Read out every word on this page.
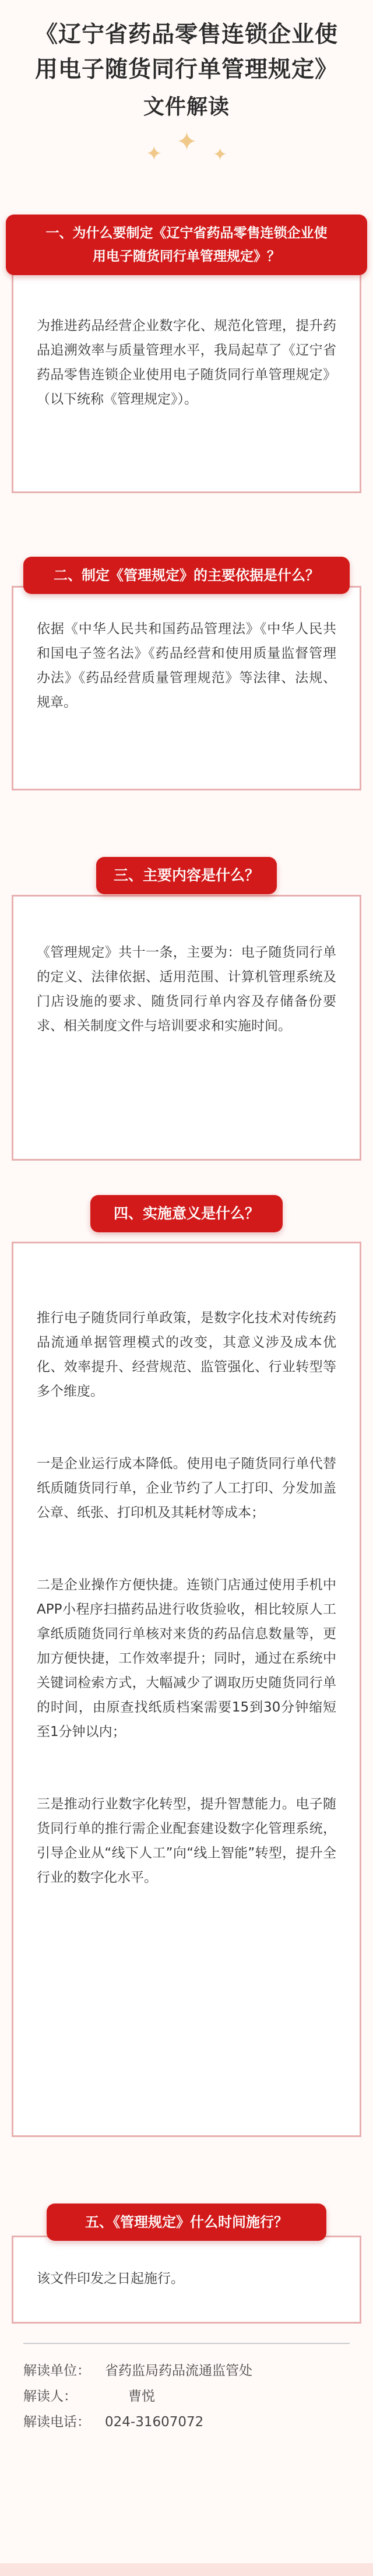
《辽宁省药品零售连锁企业使
用电子随货同行单管理规定》
文件解读
✦ ✦ ✦
为推进药品经营企业数字化、规范化管理，提升药品追溯效率与质量管理水平，我局起草了《辽宁省药品零售连锁企业使用电子随货同行单管理规定》（以下统称《管理规定》）。
一、为什么要制定《辽宁省药品零售连锁企业使
用电子随货同行单管理规定》？
依据《中华人民共和国药品管理法》《中华人民共和国电子签名法》《药品经营和使用质量监督管理办法》《药品经营质量管理规范》等法律、法规、规章。
二、制定《管理规定》的主要依据是什么？
《管理规定》共十一条，主要为：电子随货同行单的定义、法律依据、适用范围、计算机管理系统及门店设施的要求、随货同行单内容及存储备份要求、相关制度文件与培训要求和实施时间。
三、主要内容是什么？

推行电子随货同行单政策，是数字化技术对传统药品流通单据管理模式的改变，其意义涉及成本优化、效率提升、经营规范、监管强化、行业转型等多个维度。

一是企业运行成本降低。使用电子随货同行单代替纸质随货同行单，企业节约了人工打印、分发加盖公章、纸张、打印机及其耗材等成本；

二是企业操作方便快捷。连锁门店通过使用手机中APP小程序扫描药品进行收货验收，相比较原人工拿纸质随货同行单核对来货的药品信息数量等，更加方便快捷，工作效率提升；同时，通过在系统中关键词检索方式，大幅减少了调取历史随货同行单的时间，由原查找纸质档案需要15到30分钟缩短至1分钟以内；

三是推动行业数字化转型，提升智慧能力。电子随货同行单的推行需企业配套建设数字化管理系统，引导企业从“线下人工”向“线上智能”转型，提升全行业的数字化水平。

四、实施意义是什么？
该文件印发之日起施行。
五、《管理规定》什么时间施行？
解读单位： 省药监局药品流通监管处
解读人：	曹悦
解读电话： 024-31607072
